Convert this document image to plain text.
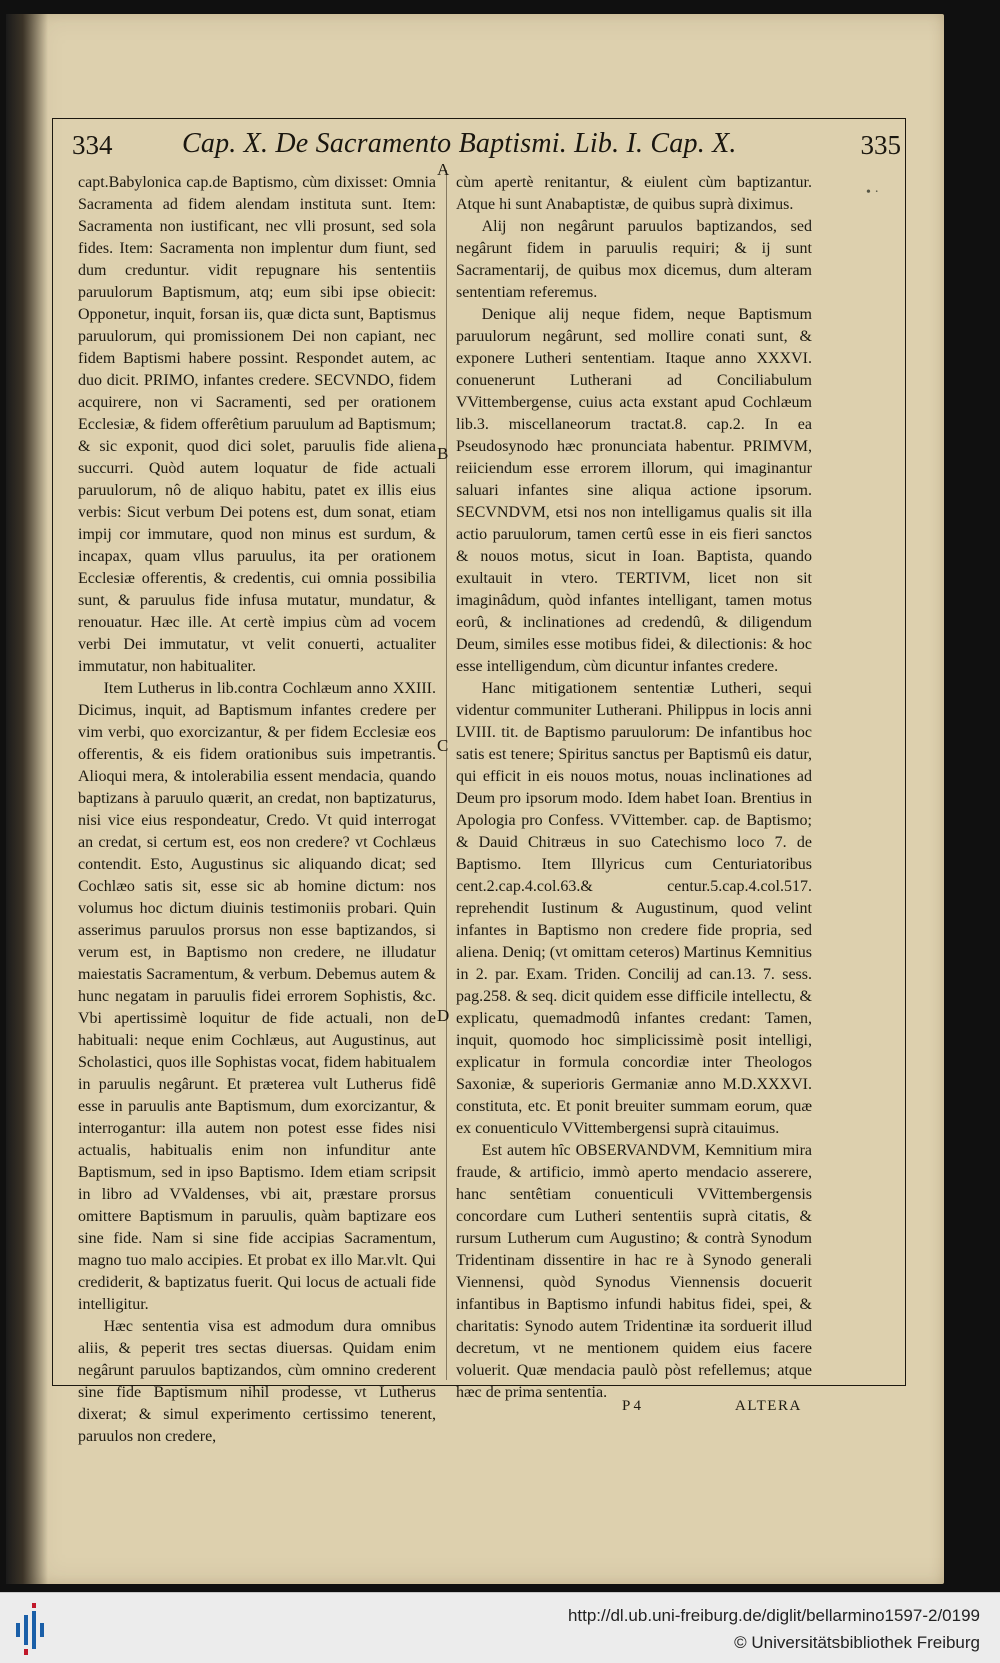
334 Cap. X. De Sacramento Baptismi. Lib. I. Cap. X.	335

capt.Babylonica cap.de Baptismo, cùm dixisset: Omnia Sacramenta ad fidem alendam instituta sunt. Item: Sacramenta non iustificant, nec vlli prosunt, sed sola fides. Item: Sacramenta non implentur dum fiunt, sed dum creduntur. vidit repugnare his sententiis paruulorum Baptismum, atq; eum sibi ipse obiecit: Opponetur, inquit, forsan iis, quæ dicta sunt, Baptismus paruulorum, qui promissionem Dei non capiant, nec fidem Baptismi habere possint. Respondet autem, ac duo dicit. PRIMO, infantes credere. SECVNDO, fidem acquirere, non vi Sacramenti, sed per orationem Ecclesiæ, & fidem offerêtium paruulum ad Baptismum; & sic exponit, quod dici solet, paruulis fide aliena succurri. Quòd autem loquatur de fide actuali paruulorum, nô de aliquo habitu, patet ex illis eius verbis: Sicut verbum Dei potens est, dum sonat, etiam impij cor immutare, quod non minus est surdum, & incapax, quam vllus paruulus, ita per orationem Ecclesiæ offerentis, & credentis, cui omnia possibilia sunt, & paruulus fide infusa mutatur, mundatur, & renouatur. Hæc ille. At certè impius cùm ad vocem verbi Dei immutatur, vt velit conuerti, actualiter immutatur, non habitualiter.

Item Lutherus in lib.contra Cochlæum anno XXIII. Dicimus, inquit, ad Baptismum infantes credere per vim verbi, quo exorcizantur, & per fidem Ecclesiæ eos offerentis, & eis fidem orationibus suis impetrantis. Alioqui mera, & intolerabilia essent mendacia, quando baptizans à paruulo quærit, an credat, non baptizaturus, nisi vice eius respondeatur, Credo. Vt quid interrogat an credat, si certum est, eos non credere? vt Cochlæus contendit. Esto, Augustinus sic aliquando dicat; sed Cochlæo satis sit, esse sic ab homine dictum: nos volumus hoc dictum diuinis testimoniis probari. Quin asserimus paruulos prorsus non esse baptizandos, si verum est, in Baptismo non credere, ne illudatur maiestatis Sacramentum, & verbum. Debemus autem & hunc negatam in paruulis fidei errorem Sophistis, &c. Vbi apertissimè loquitur de fide actuali, non de habituali: neque enim Cochlæus, aut Augustinus, aut Scholastici, quos ille Sophistas vocat, fidem habitualem in paruulis negârunt. Et præterea vult Lutherus fidê esse in paruulis ante Baptismum, dum exorcizantur, & interrogantur: illa autem non potest esse fides nisi actualis, habitualis enim non infunditur ante Baptismum, sed in ipso Baptismo. Idem etiam scripsit in libro ad VValdenses, vbi ait, præstare prorsus omittere Baptismum in paruulis, quàm baptizare eos sine fide. Nam si sine fide accipias Sacramentum, magno tuo malo accipies. Et probat ex illo Mar.vlt. Qui crediderit, & baptizatus fuerit. Qui locus de actuali fide intelligitur.

Hæc sententia visa est admodum dura omnibus aliis, & peperit tres sectas diuersas. Quidam enim negârunt paruulos baptizandos, cùm omnino crederent sine fide Baptismum nihil prodesse, vt Lutherus dixerat; & simul experimento certissimo tenerent, paruulos non credere,

A
B
C
D

cùm apertè renitantur, & eiulent cùm baptizantur. Atque hi sunt Anabaptistæ, de quibus suprà diximus.

Alij non negârunt paruulos baptizandos, sed negârunt fidem in paruulis requiri; & ij sunt Sacramentarij, de quibus mox dicemus, dum alteram sententiam referemus.

Denique alij neque fidem, neque Baptismum paruulorum negârunt, sed mollire conati sunt, & exponere Lutheri sententiam. Itaque anno XXXVI. conuenerunt Lutherani ad Conciliabulum VVittembergense, cuius acta exstant apud Cochlæum lib.3. miscellaneorum tractat.8. cap.2. In ea Pseudosynodo hæc pronunciata habentur. PRIMVM, reiiciendum esse errorem illorum, qui imaginantur saluari infantes sine aliqua actione ipsorum. SECVNDVM, etsi nos non intelligamus qualis sit illa actio paruulorum, tamen certû esse in eis fieri sanctos & nouos motus, sicut in Ioan. Baptista, quando exultauit in vtero. TERTIVM, licet non sit imaginâdum, quòd infantes intelligant, tamen motus eorû, & inclinationes ad credendû, & diligendum Deum, similes esse motibus fidei, & dilectionis: & hoc esse intelligendum, cùm dicuntur infantes credere.

Hanc mitigationem sententiæ Lutheri, sequi videntur communiter Lutherani. Philippus in locis anni LVIII. tit. de Baptismo paruulorum: De infantibus hoc satis est tenere; Spiritus sanctus per Baptismû eis datur, qui efficit in eis nouos motus, nouas inclinationes ad Deum pro ipsorum modo. Idem habet Ioan. Brentius in Apologia pro Confess. VVittember. cap. de Baptismo; & Dauid Chitræus in suo Catechismo loco 7. de Baptismo. Item Illyricus cum Centuriatoribus cent.2.cap.4.col.63.& centur.5.cap.4.col.517. reprehendit Iustinum & Augustinum, quod velint infantes in Baptismo non credere fide propria, sed aliena. Deniq; (vt omittam ceteros) Martinus Kemnitius in 2. par. Exam. Triden. Concilij ad can.13. 7. sess. pag.258. & seq. dicit quidem esse difficile intellectu, & explicatu, quemadmodû infantes credant: Tamen, inquit, quomodo hoc simplicissimè posit intelligi, explicatur in formula concordiæ inter Theologos Saxoniæ, & superioris Germaniæ anno M.D.XXXVI. constituta, etc. Et ponit breuiter summam eorum, quæ ex conuenticulo VVittembergensi suprà citauimus.

Est autem hîc OBSERVANDVM, Kemnitium mira fraude, & artificio, immò aperto mendacio asserere, hanc sentêtiam conuenticuli VVittembergensis concordare cum Lutheri sententiis suprà citatis, & rursum Lutherum cum Augustino; & contrà Synodum Tridentinam dissentire in hac re à Synodo generali Viennensi, quòd Synodus Viennensis docuerit infantibus in Baptismo infundi habitus fidei, spei, & charitatis: Synodo autem Tridentinæ ita sorduerit illud decretum, vt ne mentionem quidem eius facere voluerit. Quæ mendacia paulò pòst refellemus; atque hæc de prima sententia.

• ·
P 4	ALTERA
http://dl.ub.uni-freiburg.de/diglit/bellarmino1597-2/0199
© Universitätsbibliothek Freiburg
